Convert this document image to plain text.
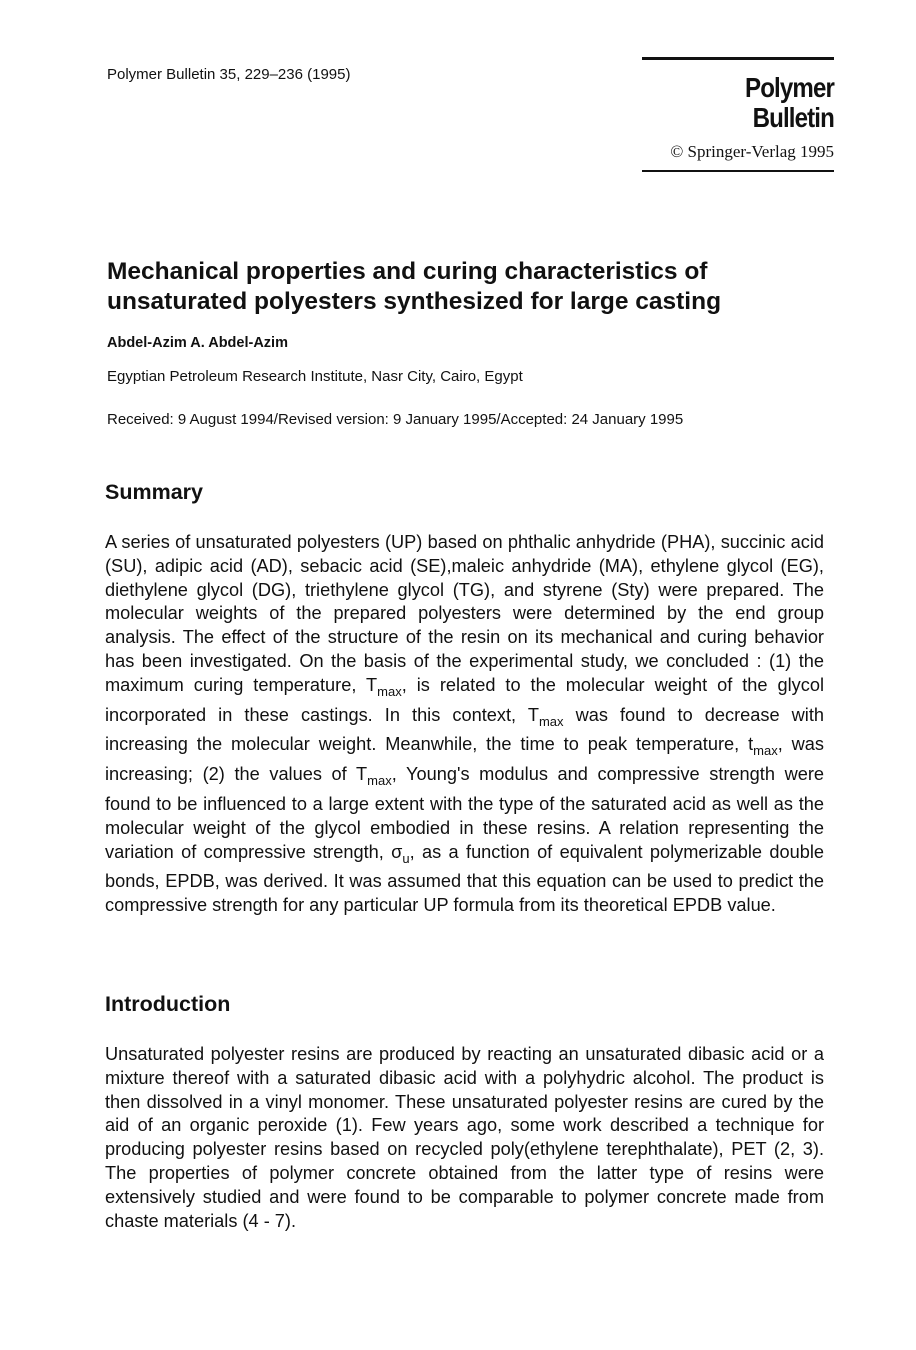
Polymer Bulletin 35, 229–236 (1995)	Polymer Bulletin
© Springer-Verlag 1995
Mechanical properties and curing characteristics of unsaturated polyesters synthesized for large casting
Abdel-Azim A. Abdel-Azim
Egyptian Petroleum Research Institute, Nasr City, Cairo, Egypt
Received: 9 August 1994/Revised version: 9 January 1995/Accepted: 24 January 1995
Summary

A series of unsaturated polyesters (UP) based on phthalic anhydride (PHA), succinic acid (SU), adipic acid (AD), sebacic acid (SE),maleic anhydride (MA), ethylene glycol (EG), diethylene glycol (DG), triethylene glycol (TG), and styrene (Sty) were prepared. The molecular weights of the prepared polyesters were determined by the end group analysis. The effect of the structure of the resin on its mechanical and curing behavior has been investigated. On the basis of the experimental study, we concluded : (1) the maximum curing temperature, $T_{max}$, is related to the molecular weight of the glycol incorporated in these castings. In this context, $T_{max}$ was found to decrease with increasing the molecular weight. Meanwhile, the time to peak temperature, $t_{max}$, was increasing; (2) the values of $T_{max}$, Young's modulus and compressive strength were found to be influenced to a large extent with the type of the saturated acid as well as the molecular weight of the glycol embodied in these resins. A relation representing the variation of compressive strength, $\sigma_u$, as a function of equivalent polymerizable double bonds, EPDB, was derived. It was assumed that this equation can be used to predict the compressive strength for any particular UP formula from its theoretical EPDB value.

Introduction

Unsaturated polyester resins are produced by reacting an unsaturated dibasic acid or a mixture thereof with a saturated dibasic acid with a polyhydric alcohol. The product is then dissolved in a vinyl monomer. These unsaturated polyester resins are cured by the aid of an organic peroxide (1). Few years ago, some work described a technique for producing polyester resins based on recycled poly(ethylene terephthalate), PET (2, 3). The properties of polymer concrete obtained from the latter type of resins were extensively studied and were found to be comparable to polymer concrete made from chaste materials (4 - 7).
